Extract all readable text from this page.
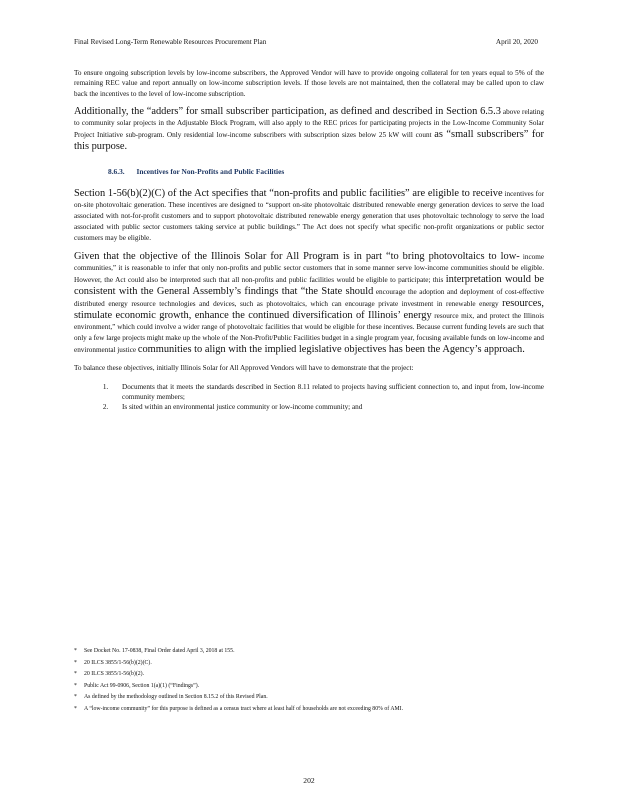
Final Revised Long-Term Renewable Resources Procurement Plan	April 20, 2020

To ensure ongoing subscription levels by low-income subscribers, the Approved Vendor will have to provide ongoing collateral for ten years equal to 5% of the remaining REC value and report annually on low-income subscription levels. If those levels are not maintained, then the collateral may be called upon to claw back the incentives to the level of low-income subscription.

Additionally, the “adders” for small subscriber participation, as defined and described in Section 6.5.3 above relating to community solar projects in the Adjustable Block Program, will also apply to the REC prices for participating projects in the Low-Income Community Solar Project Initiative sub-program. Only residential low-income subscribers with subscription sizes below 25 kW will count as “small subscribers” for this purpose.

8.6.3. Incentives for Non-Profits and Public Facilities

Section 1-56(b)(2)(C) of the Act specifies that “non-profits and public facilities” are eligible to receive incentives for on-site photovoltaic generation. These incentives are designed to “support on-site photovoltaic distributed renewable energy generation devices to serve the load associated with not-for-profit customers and to support photovoltaic distributed renewable energy generation that uses photovoltaic technology to serve the load associated with public sector customers taking service at public buildings.” The Act does not specify what specific non-profit organizations or public sector customers may be eligible.

Given that the objective of the Illinois Solar for All Program is in part “to bring photovoltaics to low- income communities,” it is reasonable to infer that only non-profits and public sector customers that in some manner serve low-income communities should be eligible. However, the Act could also be interpreted such that all non-profits and public facilities would be eligible to participate; this interpretation would be consistent with the General Assembly’s findings that “the State should encourage the adoption and deployment of cost-effective distributed energy resource technologies and devices, such as photovoltaics, which can encourage private investment in renewable energy resources, stimulate economic growth, enhance the continued diversification of Illinois’ energy resource mix, and protect the Illinois environment,” which could involve a wider range of photovoltaic facilities that would be eligible for these incentives. Because current funding levels are such that only a few large projects might make up the whole of the Non-Profit/Public Facilities budget in a single program year, focusing available funds on low-income and environmental justice communities to align with the implied legislative objectives has been the Agency’s approach.

To balance these objectives, initially Illinois Solar for All Approved Vendors will have to demonstrate that the project:

1. Documents that it meets the standards described in Section 8.11 related to projects having sufficient connection to, and input from, low-income community members;
2. Is sited within an environmental justice community or low-income community; and
*	See Docket No. 17-0838, Final Order dated April 3, 2018 at 155.
*	20 ILCS 3855/1-56(b)(2)(C).
*	20 ILCS 3855/1-56(b)(2).
*	Public Act 99-0906, Section 1(a)(1) (“Findings”).
*	As defined by the methodology outlined in Section 8.15.2 of this Revised Plan.
*	A “low-income community” for this purpose is defined as a census tract where at least half of households are not exceeding 80% of AMI.
202
